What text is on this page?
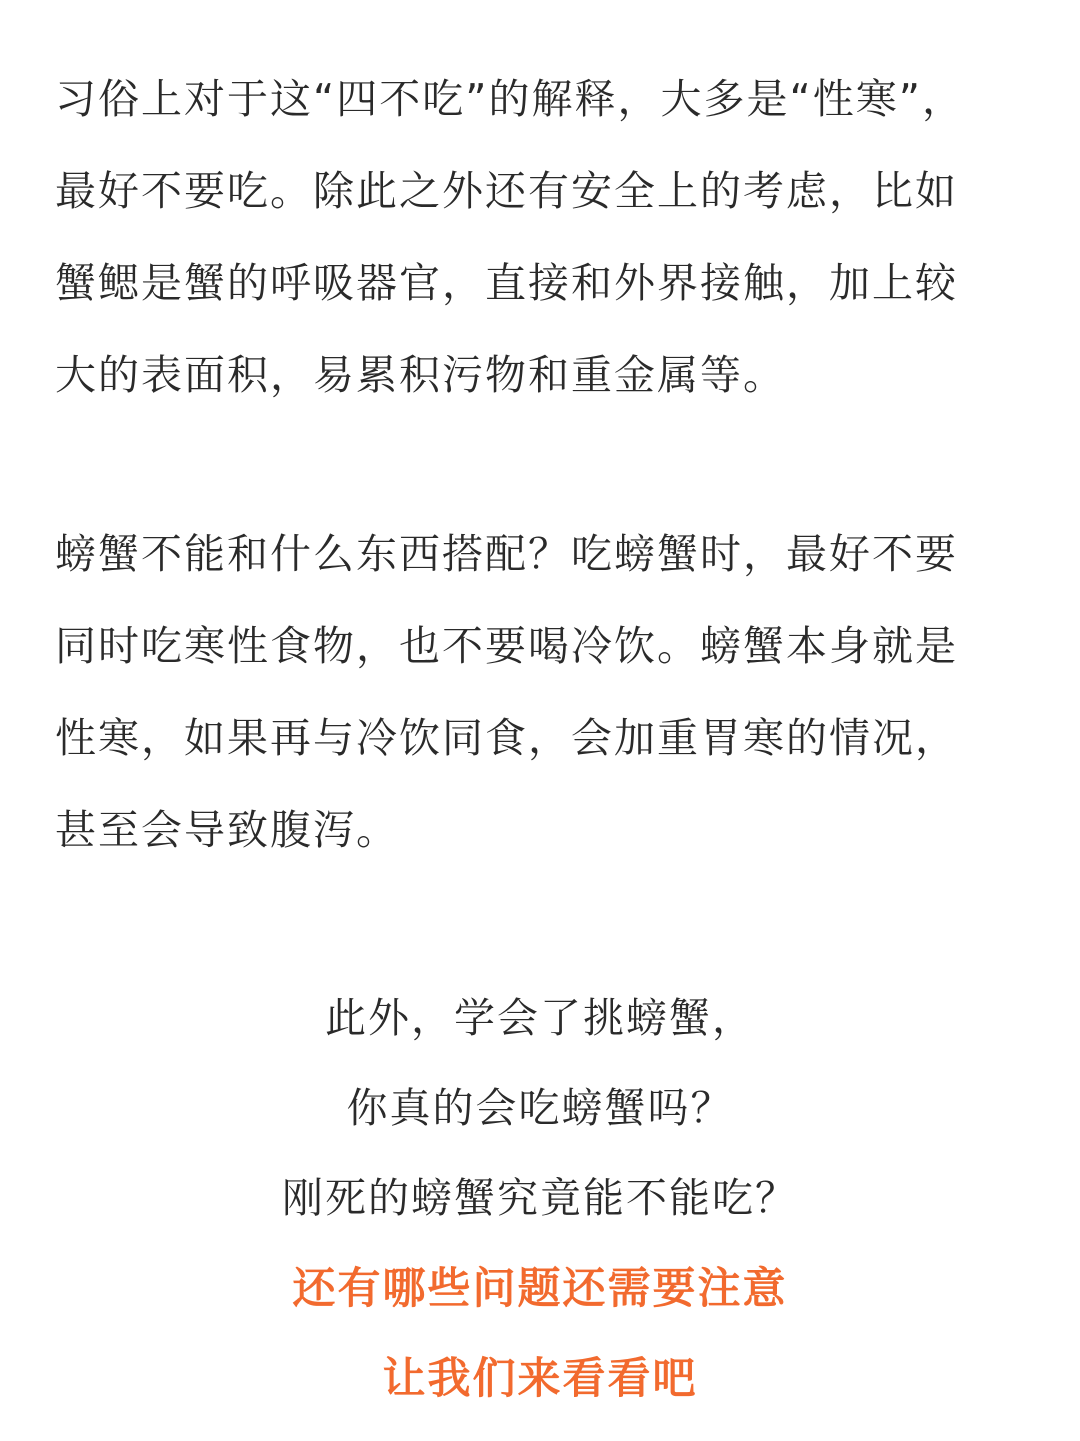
习俗上对于这“四不吃”的解释，大多是“性寒”，
最好不要吃。除此之外还有安全上的考虑，比如
蟹鳃是蟹的呼吸器官，直接和外界接触，加上较
大的表面积，易累积污物和重金属等。
螃蟹不能和什么东西搭配？吃螃蟹时，最好不要
同时吃寒性食物，也不要喝冷饮。螃蟹本身就是
性寒，如果再与冷饮同食，会加重胃寒的情况，
甚至会导致腹泻。
此外，学会了挑螃蟹，
你真的会吃螃蟹吗？
刚死的螃蟹究竟能不能吃？
还有哪些问题还需要注意
让我们来看看吧
